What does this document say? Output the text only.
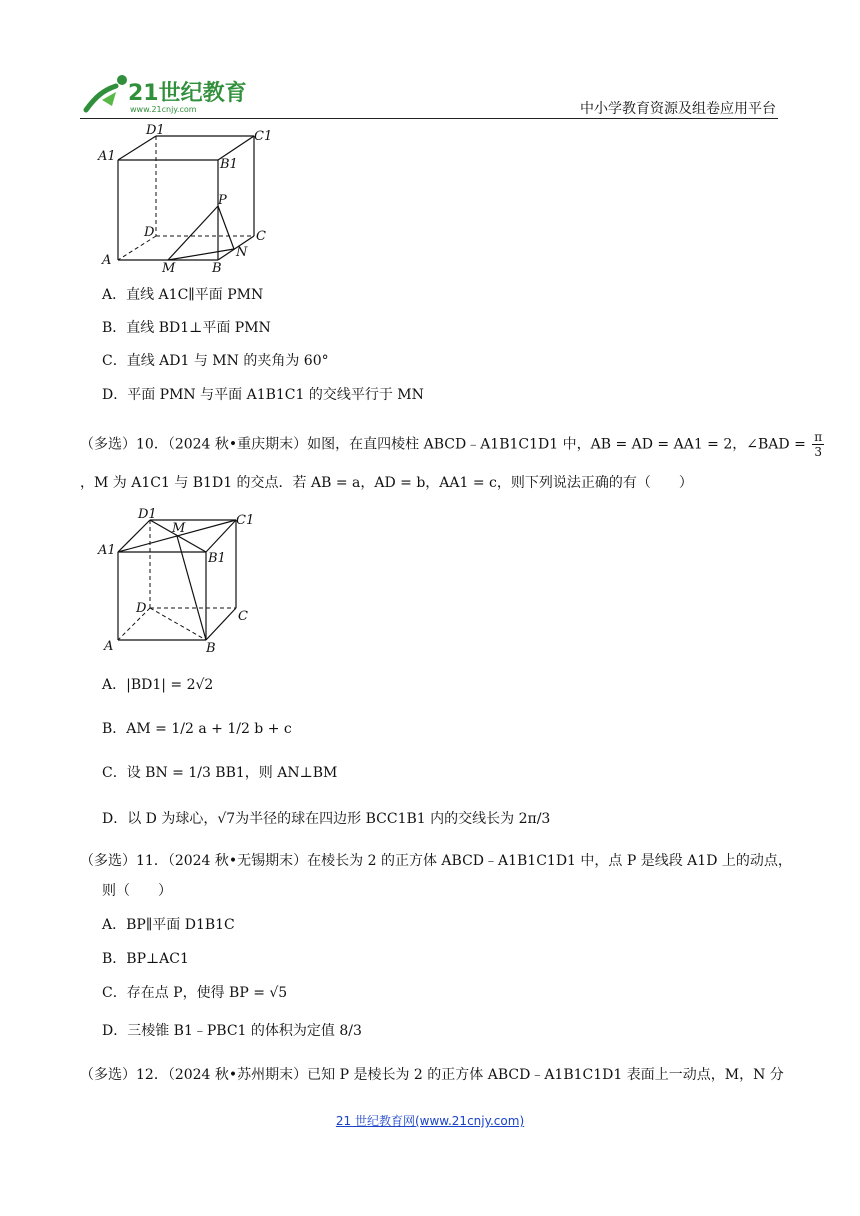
21世纪教育
www.21cnjy.com	中小学教育资源及组卷应用平台
D1	C1
A1
B1
P
D	C
A
M	B
N
A．直线 A1C∥平面 PMN
B．直线 BD1⊥平面 PMN
C．直线 AD1 与 MN 的夹角为 60°
D．平面 PMN 与平面 A1B1C1 的交线平行于 MN
（多选）10．（2024 秋•重庆期末）如图，在直四棱柱 ABCD﹣A1B1C1D1 中，AB = AD = AA1 = 2，∠BAD = $\frac{\pi}{3}$
，M 为 A1C1 与 B1D1 的交点．若 AB = a，AD = b，AA1 = c，则下列说法正确的有（　　）
D1
M
C1
A1
B1
D
C
A	B
A．|BD1| = 2√2
B．AM = 1/2 a + 1/2 b + c
C．设 BN = 1/3 BB1，则 AN⊥BM
D．以 D 为球心，√7为半径的球在四边形 BCC1B1 内的交线长为 2π/3
（多选）11．（2024 秋•无锡期末）在棱长为 2 的正方体 ABCD﹣A1B1C1D1 中，点 P 是线段 A1D 上的动点，
则（　　）
A．BP∥平面 D1B1C
B．BP⊥AC1
C．存在点 P，使得 BP = √5
D．三棱锥 B1﹣PBC1 的体积为定值 8/3
（多选）12．（2024 秋•苏州期末）已知 P 是棱长为 2 的正方体 ABCD﹣A1B1C1D1 表面上一动点，M，N 分
21 世纪教育网(www.21cnjy.com)
